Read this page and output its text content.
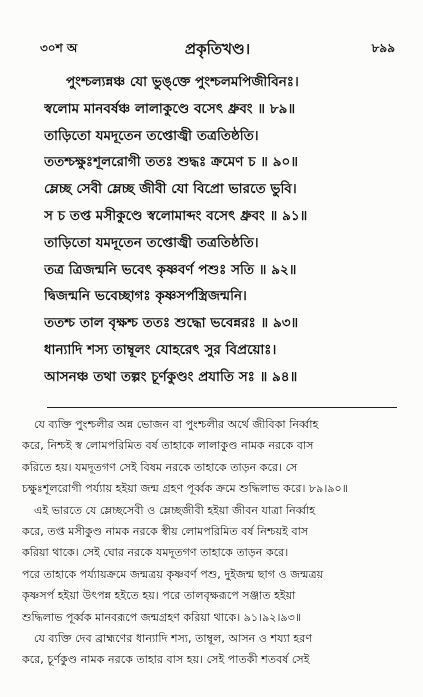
৩০শ অ	প্রকৃতিখণ্ড।	৮৯৯
পুংশ্চল্যন্নঞ্চ যো ভুঙ্‌ক্তে পুংশ্চলমপিজীবিনঃ।
স্বলোম মানবর্ষঞ্চ লালাকুণ্ডে বসেৎ ধ্রুবং ॥ ৮৯॥
তাড়িতো যমদূতেন তপ্তোজ্বী তত্রতিষ্ঠতি।
ততশ্চক্ষুঃশূলরোগী ততঃ শুদ্ধঃ ক্রমেণ চ ॥ ৯০॥
ম্লেচ্ছ সেবী ম্লেচ্ছ জীবী যো বিপ্রো ভারতে ভুবি।
স চ তপ্ত মসীকুণ্ডে স্বলোমাব্দং বসেৎ ধ্রুবং ॥ ৯১॥
তাড়িতো যমদূতেন তপ্তোজ্বী তত্রতিষ্ঠতি।
তত্র ত্রিজন্মনি ভবেৎ কৃষ্ণবর্ণ পশুঃ সতি ॥ ৯২॥
দ্বিজন্মনি ভবেচ্ছাগঃ কৃষ্ণসর্পস্ত্রিজন্মনি।
ততশ্চ তাল বৃক্ষশ্চ ততঃ শুদ্ধো ভবেন্নরঃ ॥ ৯৩॥
ধান্যাদি শস্য তাম্বূলং যোহরেৎ সুর বিপ্রয়োঃ।
আসনঞ্চ তথা তল্পং চূর্ণকুণ্ডং প্রযাতি সঃ ॥ ৯৪॥
যে ব্যক্তি পুংশ্চলীর অন্ন ভোজন বা পুংশ্চলীর অর্থে জীবিকা নির্ব্বাহ
করে, নিশ্চই স্ব লোমপরিমিত বর্ষ তাহাকে লালাকুণ্ড নামক নরকে বাস
করিতে হয়। যমদূতগণ সেই বিষম নরকে তাহাকে তাড়ন করে। সে
চক্ষুঃশূলরোগী পর্য্যায় হইয়া জন্ম গ্রহণ পূর্ব্বক ক্রমে শুদ্ধিলাভ করে। ৮৯।৯০॥
এই ভারতে যে ম্লেচ্ছসেবী ও ম্লেচ্ছজীবী হইয়া জীবন যাত্রা নির্ব্বাহ
করে, তপ্ত মসীকুণ্ড নামক নরকে স্বীয় লোমপরিমিত বর্ষ নিশ্চয়ই বাস
করিয়া থাকে। সেই ঘোর নরকে যমদূতগণ তাহাকে তাড়ন করে।
পরে তাহাকে পর্য্যায়ক্রমে জন্মত্রয় কৃষ্ণবর্ণ পশু, দুইজন্ম ছাগ ও জন্মত্রয়
কৃষ্ণসর্প হইয়া উৎপন্ন হইতে হয়। পরে তালবৃক্ষরূপে সঞ্জাত হইয়া
শুদ্ধিলাভ পূর্ব্বক মানবরূপে জন্মগ্রহণ করিয়া থাকে। ৯১।৯২।৯৩॥
যে ব্যক্তি দেব ব্রাহ্মণের ধান্যাদি শস্য, তাম্বূল, আসন ও শয্যা হরণ
করে, চূর্ণকুণ্ড নামক নরকে তাহার বাস হয়। সেই পাতকী শতবর্ষ সেই
